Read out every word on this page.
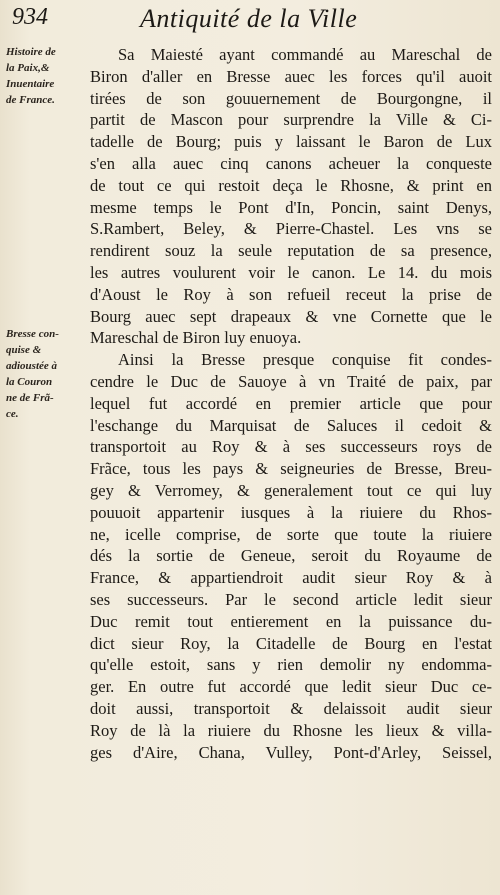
934	Antiquité de la Ville
Histoire de
la Paix,&
Inuentaire
de France.
Bresse con-
quise &
adioustée à
la Couron
ne de Frã-
ce.
Sa Maiesté ayant commandé au Mareschal de
Biron d'aller en Bresse auec les forces qu'il auoit
tirées de son gouuernement de Bourgongne, il
partit de Mascon pour surprendre la Ville & Ci-
tadelle de Bourg; puis y laissant le Baron de Lux
s'en alla auec cinq canons acheuer la conqueste
de tout ce qui restoit deça le Rhosne, & print en
mesme temps le Pont d'In, Poncin, saint Denys,
S.Rambert, Beley, & Pierre-Chastel. Les vns se
rendirent souz la seule reputation de sa presence,
les autres voulurent voir le canon. Le 14. du mois
d'Aoust le Roy à son refueil receut la prise de
Bourg auec sept drapeaux & vne Cornette que le
Mareschal de Biron luy enuoya.
Ainsi la Bresse presque conquise fit condes-
cendre le Duc de Sauoye à vn Traité de paix, par
lequel fut accordé en premier article que pour
l'eschange du Marquisat de Saluces il cedoit &
transportoit au Roy & à ses successeurs roys de
Frãce, tous les pays & seigneuries de Bresse, Breu-
gey & Verromey, & generalement tout ce qui luy
pouuoit appartenir iusques à la riuiere du Rhos-
ne, icelle comprise, de sorte que toute la riuiere
dés la sortie de Geneue, seroit du Royaume de
France, & appartiendroit audit sieur Roy & à
ses successeurs. Par le second article ledit sieur
Duc remit tout entierement en la puissance du-
dict sieur Roy, la Citadelle de Bourg en l'estat
qu'elle estoit, sans y rien demolir ny endomma-
ger. En outre fut accordé que ledit sieur Duc ce-
doit aussi, transportoit & delaissoit audit sieur
Roy de là la riuiere du Rhosne les lieux & villa-
ges d'Aire, Chana, Vulley, Pont-d'Arley, Seissel,
